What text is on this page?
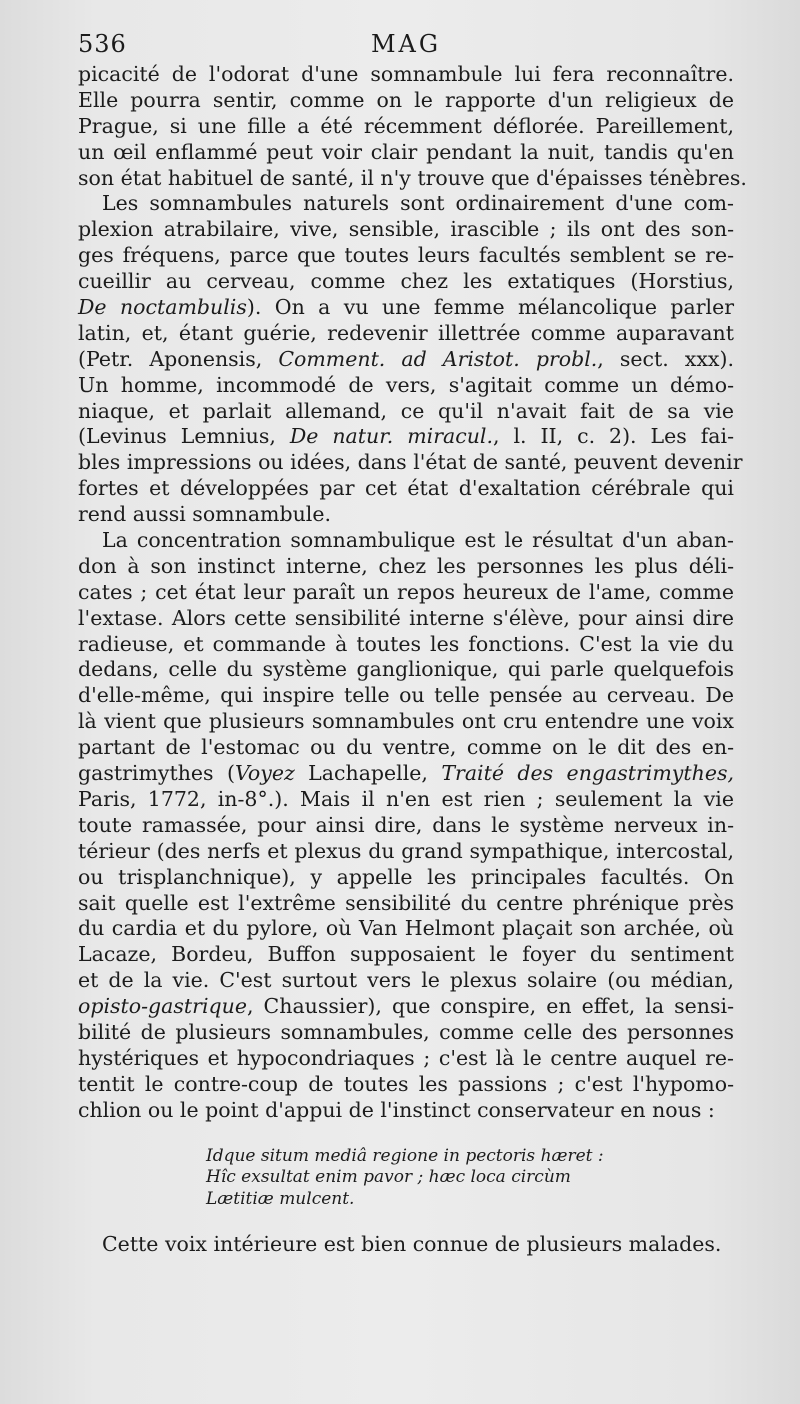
536	MAG
picacité de l'odorat d'une somnambule lui fera reconnaître.
Elle pourra sentir, comme on le rapporte d'un religieux de
Prague, si une fille a été récemment déflorée. Pareillement,
un œil enflammé peut voir clair pendant la nuit, tandis qu'en
son état habituel de santé, il n'y trouve que d'épaisses ténèbres.
Les somnambules naturels sont ordinairement d'une com-
plexion atrabilaire, vive, sensible, irascible ; ils ont des son-
ges fréquens, parce que toutes leurs facultés semblent se re-
cueillir au cerveau, comme chez les extatiques (Horstius,
De noctambulis). On a vu une femme mélancolique parler
latin, et, étant guérie, redevenir illettrée comme auparavant
(Petr. Aponensis, Comment. ad Aristot. probl., sect. xxx).
Un homme, incommodé de vers, s'agitait comme un démo-
niaque, et parlait allemand, ce qu'il n'avait fait de sa vie
(Levinus Lemnius, De natur. miracul., l. II, c. 2). Les fai-
bles impressions ou idées, dans l'état de santé, peuvent devenir
fortes et développées par cet état d'exaltation cérébrale qui
rend aussi somnambule.
La concentration somnambulique est le résultat d'un aban-
don à son instinct interne, chez les personnes les plus déli-
cates ; cet état leur paraît un repos heureux de l'ame, comme
l'extase. Alors cette sensibilité interne s'élève, pour ainsi dire
radieuse, et commande à toutes les fonctions. C'est la vie du
dedans, celle du système ganglionique, qui parle quelquefois
d'elle-même, qui inspire telle ou telle pensée au cerveau. De
là vient que plusieurs somnambules ont cru entendre une voix
partant de l'estomac ou du ventre, comme on le dit des en-
gastrimythes (Voyez Lachapelle, Traité des engastrimythes,
Paris, 1772, in-8°.). Mais il n'en est rien ; seulement la vie
toute ramassée, pour ainsi dire, dans le système nerveux in-
térieur (des nerfs et plexus du grand sympathique, intercostal,
ou trisplanchnique), y appelle les principales facultés. On
sait quelle est l'extrême sensibilité du centre phrénique près
du cardia et du pylore, où Van Helmont plaçait son archée, où
Lacaze, Bordeu, Buffon supposaient le foyer du sentiment
et de la vie. C'est surtout vers le plexus solaire (ou médian,
opisto-gastrique, Chaussier), que conspire, en effet, la sensi-
bilité de plusieurs somnambules, comme celle des personnes
hystériques et hypocondriaques ; c'est là le centre auquel re-
tentit le contre-coup de toutes les passions ; c'est l'hypomo-
chlion ou le point d'appui de l'instinct conservateur en nous :
Idque situm mediâ regione in pectoris hæret :
Hîc exsultat enim pavor ; hæc loca circùm
Lætitiæ mulcent.
Cette voix intérieure est bien connue de plusieurs malades.
